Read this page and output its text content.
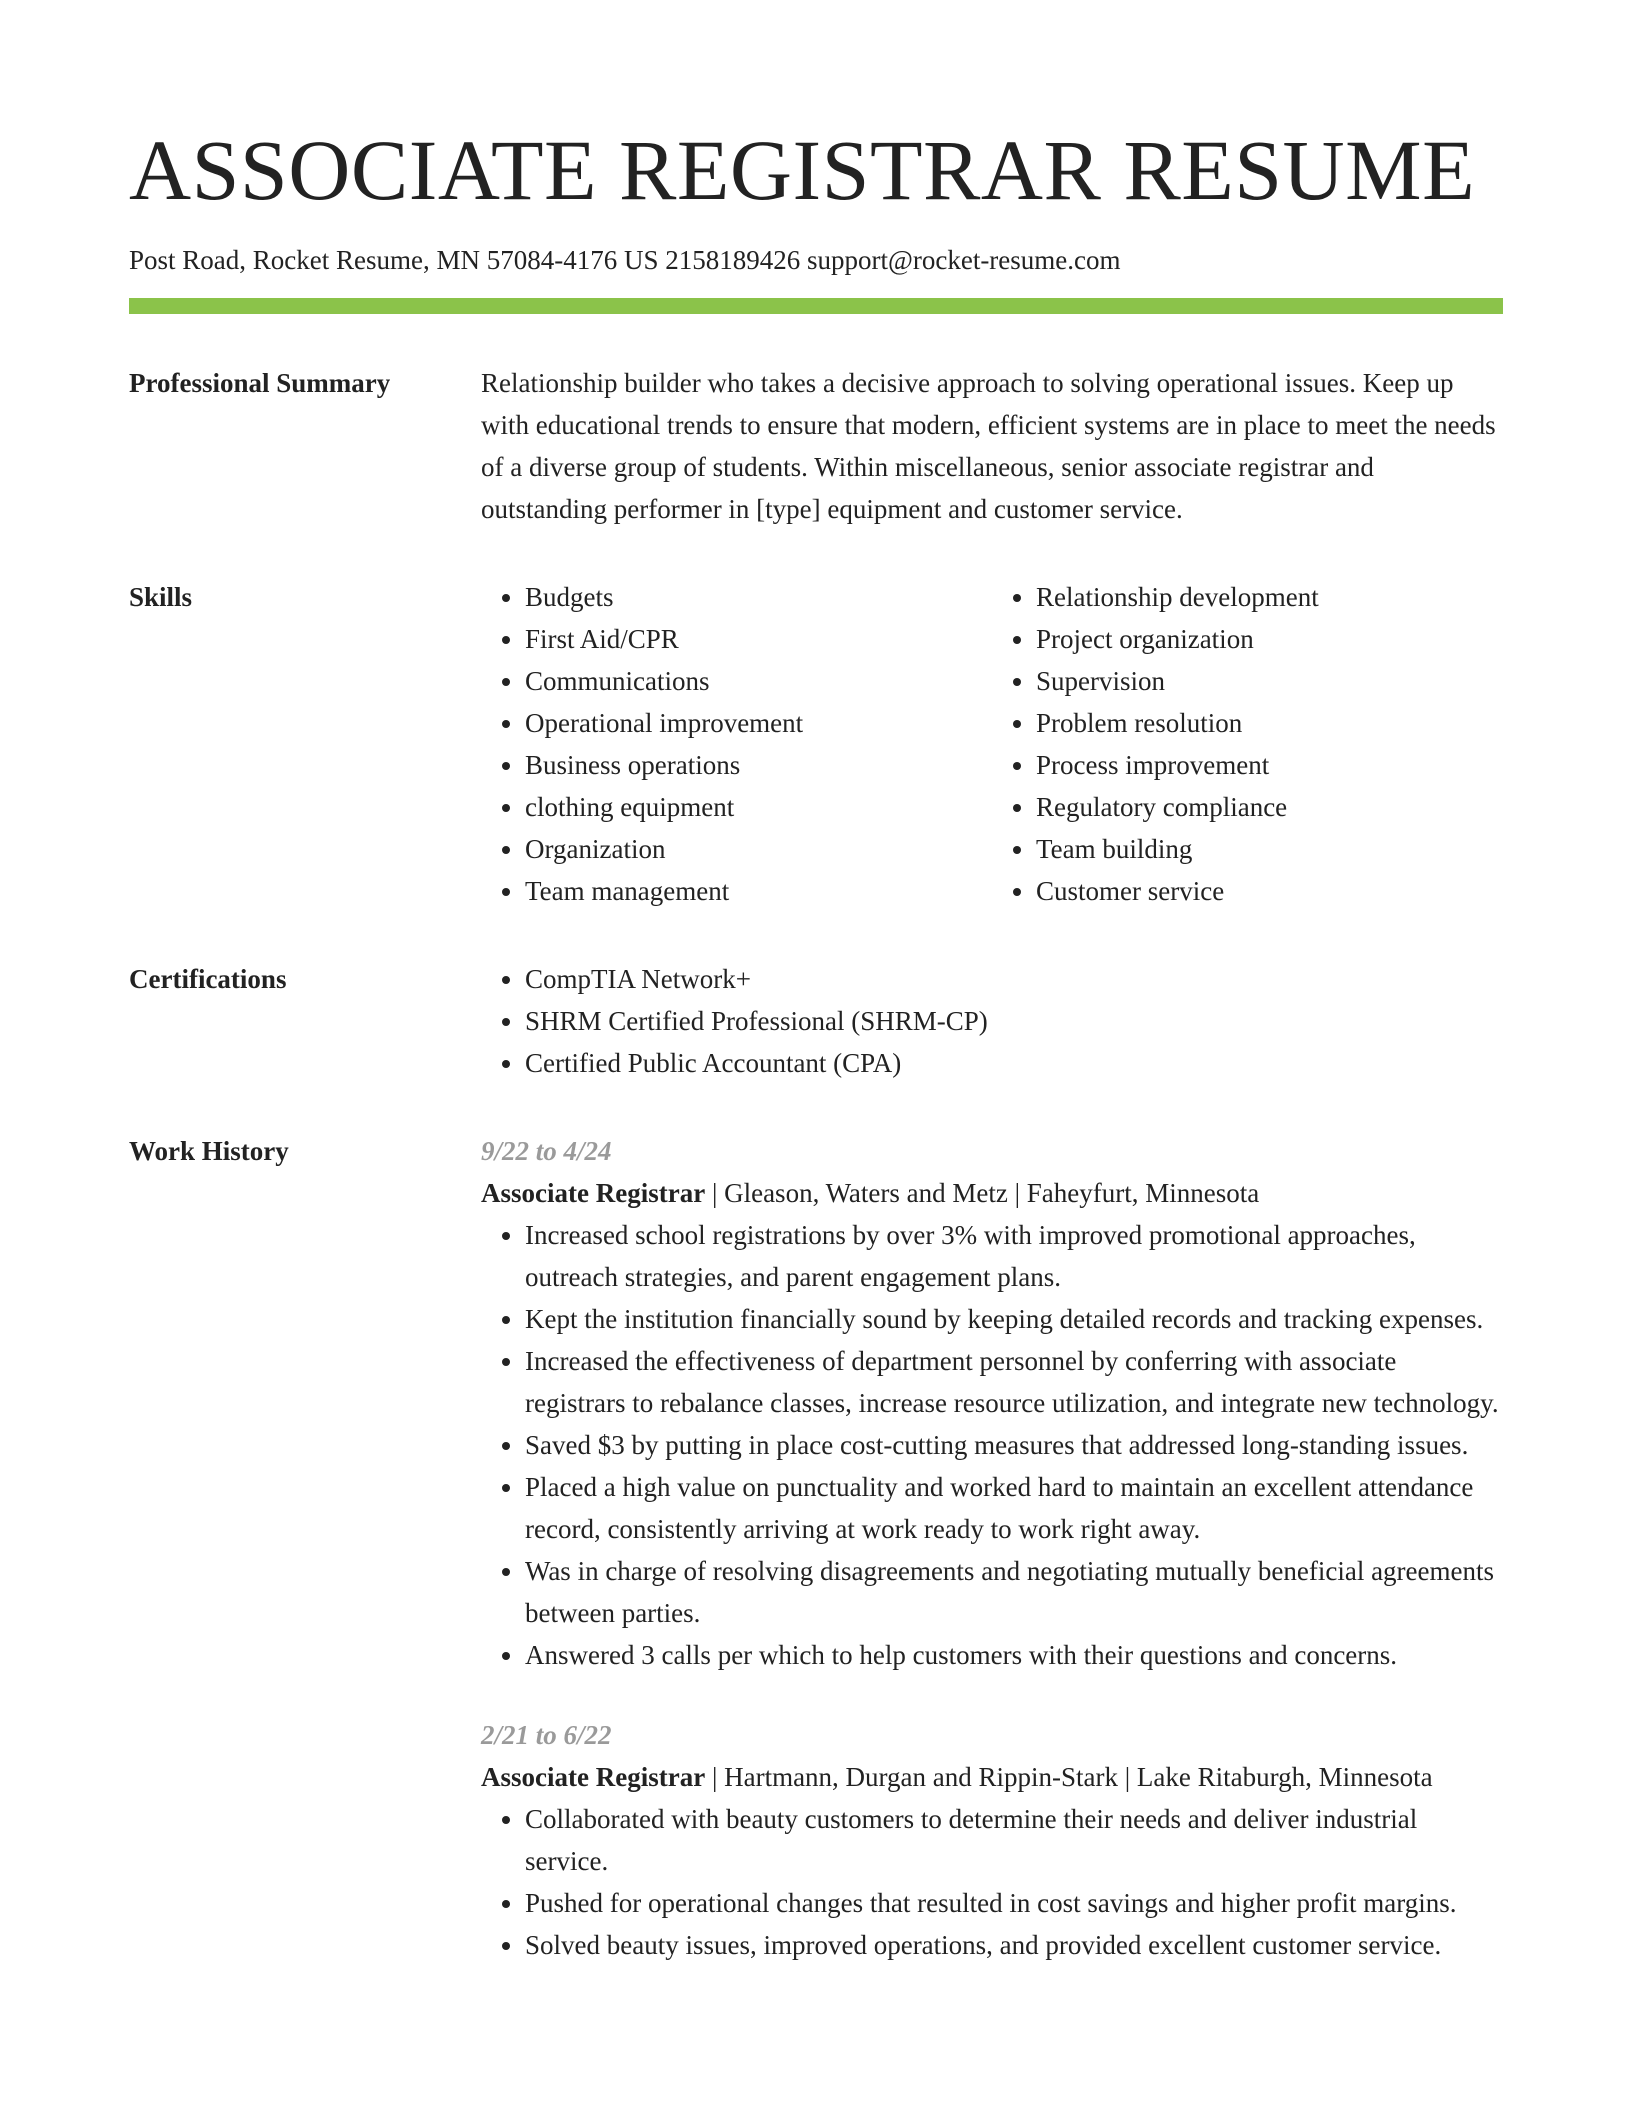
ASSOCIATE REGISTRAR RESUME
Post Road, Rocket Resume, MN 57084-4176 US 2158189426 support@rocket-resume.com
Professional Summary	Relationship builder who takes a decisive approach to solving operational issues. Keep up with educational trends to ensure that modern, efficient systems are in place to meet the needs of a diverse group of students. Within miscellaneous, senior associate registrar and outstanding performer in [type] equipment and customer service.

Skills	• Budgets
• First Aid/CPR
• Communications
• Operational improvement
• Business operations
• clothing equipment
• Organization
• Team management
• Relationship development
• Project organization
• Supervision
• Problem resolution
• Process improvement
• Regulatory compliance
• Team building
• Customer service
Certifications	• CompTIA Network+
• SHRM Certified Professional (SHRM-CP)
• Certified Public Accountant (CPA)
Work History	9/22 to 4/24
Associate Registrar | Gleason, Waters and Metz | Faheyfurt, Minnesota
• Increased school registrations by over 3% with improved promotional approaches, outreach strategies, and parent engagement plans.
• Kept the institution financially sound by keeping detailed records and tracking expenses.
• Increased the effectiveness of department personnel by conferring with associate registrars to rebalance classes, increase resource utilization, and integrate new technology.
• Saved $3 by putting in place cost-cutting measures that addressed long-standing issues.
• Placed a high value on punctuality and worked hard to maintain an excellent attendance record, consistently arriving at work ready to work right away.
• Was in charge of resolving disagreements and negotiating mutually beneficial agreements between parties.
• Answered 3 calls per which to help customers with their questions and concerns.
2/21 to 6/22
Associate Registrar | Hartmann, Durgan and Rippin-Stark | Lake Ritaburgh, Minnesota
• Collaborated with beauty customers to determine their needs and deliver industrial service.
• Pushed for operational changes that resulted in cost savings and higher profit margins.
• Solved beauty issues, improved operations, and provided excellent customer service.
